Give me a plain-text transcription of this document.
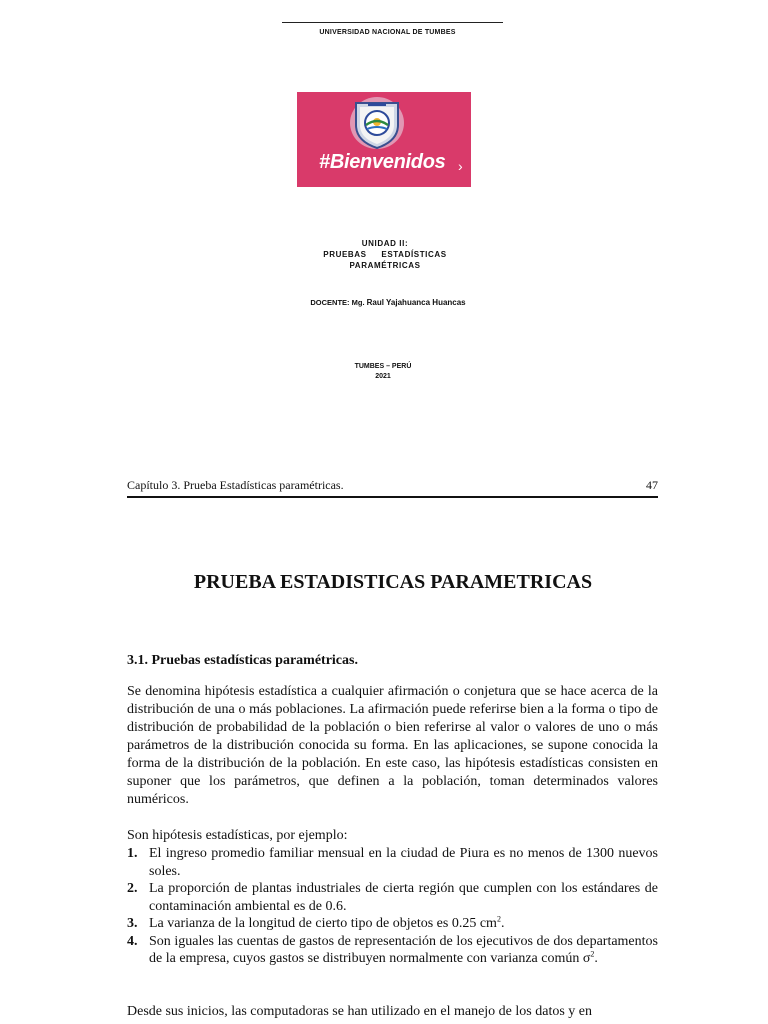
UNIVERSIDAD NACIONAL DE TUMBES
#Bienvenidos ›
UNIDAD II:
PRUEBAS ESTADÍSTICAS
PARAMÉTRICAS
DOCENTE: Mg. Raul Yajahuanca Huancas
TUMBES – PERÚ
2021
Capítulo 3. Prueba Estadísticas paramétricas.	47
PRUEBA ESTADISTICAS PARAMETRICAS
3.1. Pruebas estadísticas paramétricas.
Se denomina hipótesis estadística a cualquier afirmación o conjetura que se hace acerca de la distribución de una o más poblaciones. La afirmación puede referirse bien a la forma o tipo de distribución de probabilidad de la población o bien referirse al valor o valores de uno o más parámetros de la distribución conocida su forma. En las aplicaciones, se supone conocida la forma de la distribución de la población. En este caso, las hipótesis estadísticas consisten en suponer que los parámetros, que definen a la población, toman determinados valores numéricos.
Son hipótesis estadísticas, por ejemplo:
1. El ingreso promedio familiar mensual en la ciudad de Piura es no menos de 1300 nuevos soles.
2. La proporción de plantas industriales de cierta región que cumplen con los estándares de contaminación ambiental es de 0.6.
3. La varianza de la longitud de cierto tipo de objetos es 0.25 $cm^2$.
4. Son iguales las cuentas de gastos de representación de los ejecutivos de dos departamentos de la empresa, cuyos gastos se distribuyen normalmente con varianza común $\sigma^2$.
Desde sus inicios, las computadoras se han utilizado en el manejo de los datos y en
